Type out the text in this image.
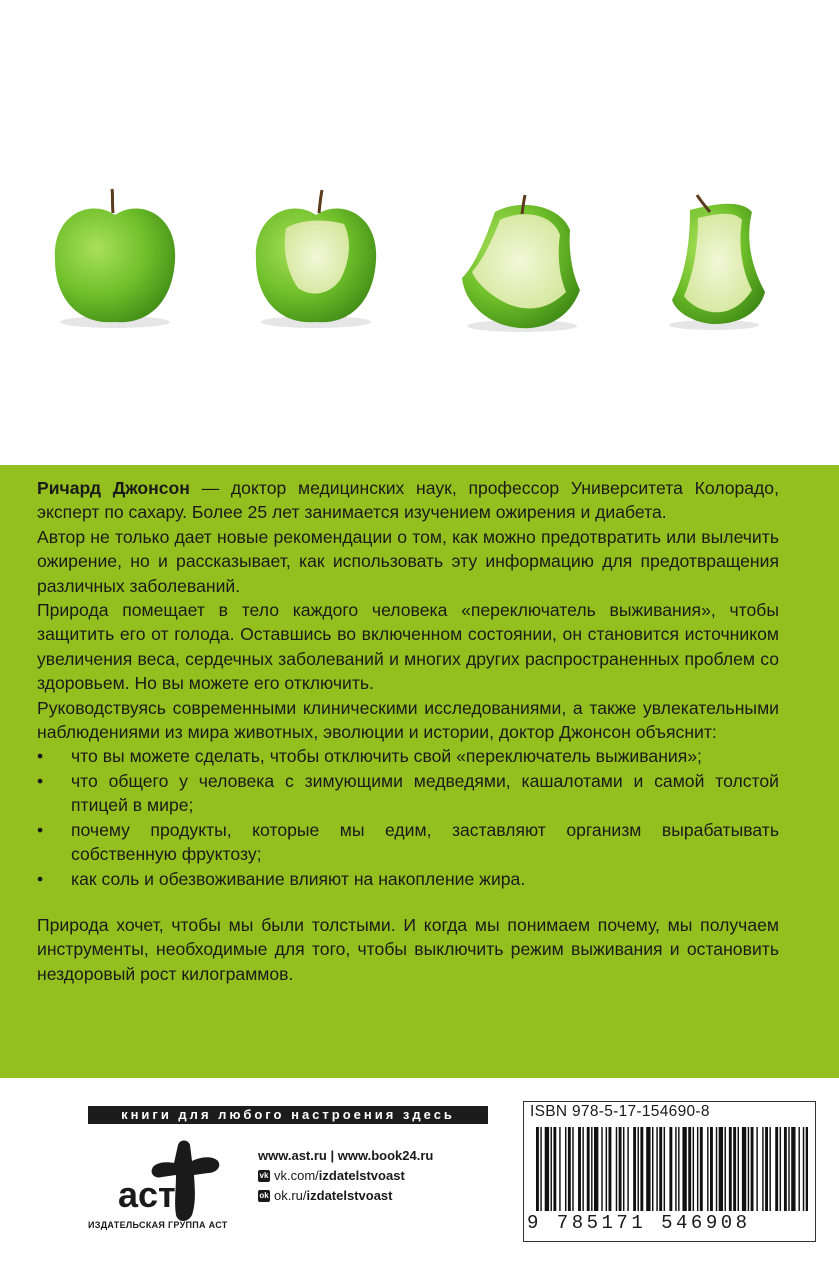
Ричард Джонсон — доктор медицинских наук, профессор Университета Колорадо, эксперт по сахару. Более 25 лет занимается изучением ожирения и диабета.

Автор не только дает новые рекомендации о том, как можно предотвратить или вылечить ожирение, но и рассказывает, как использовать эту информацию для предотвращения различных заболеваний.

Природа помещает в тело каждого человека «переключатель выживания», чтобы защитить его от голода. Оставшись во включенном состоянии, он становится источником увеличения веса, сердечных заболеваний и многих других распространенных проблем со здоровьем. Но вы можете его отключить.

Руководствуясь современными клиническими исследованиями, а также увлекательными наблюдениями из мира животных, эволюции и истории, доктор Джонсон объяснит:

• что вы можете сделать, чтобы отключить свой «переключатель выживания»;
• что общего у человека с зимующими медведями, кашалотами и самой толстой птицей в мире;
• почему продукты, которые мы едим, заставляют организм вырабатывать собственную фруктозу;
• как соль и обезвоживание влияют на накопление жира.

Природа хочет, чтобы мы были толстыми. И когда мы понимаем почему, мы получаем инструменты, необходимые для того, чтобы выключить режим выживания и остановить нездоровый рост килограммов.

книги для любого настроения здесь
аст
ИЗДАТЕЛЬСКАЯ ГРУППА АСТ
www.ast.ru | www.book24.ru
vk vk.com/ izdatelstvoast
ok ok.ru/ izdatelstvoast
ISBN 978-5-17-154690-8
9 785171 546908
